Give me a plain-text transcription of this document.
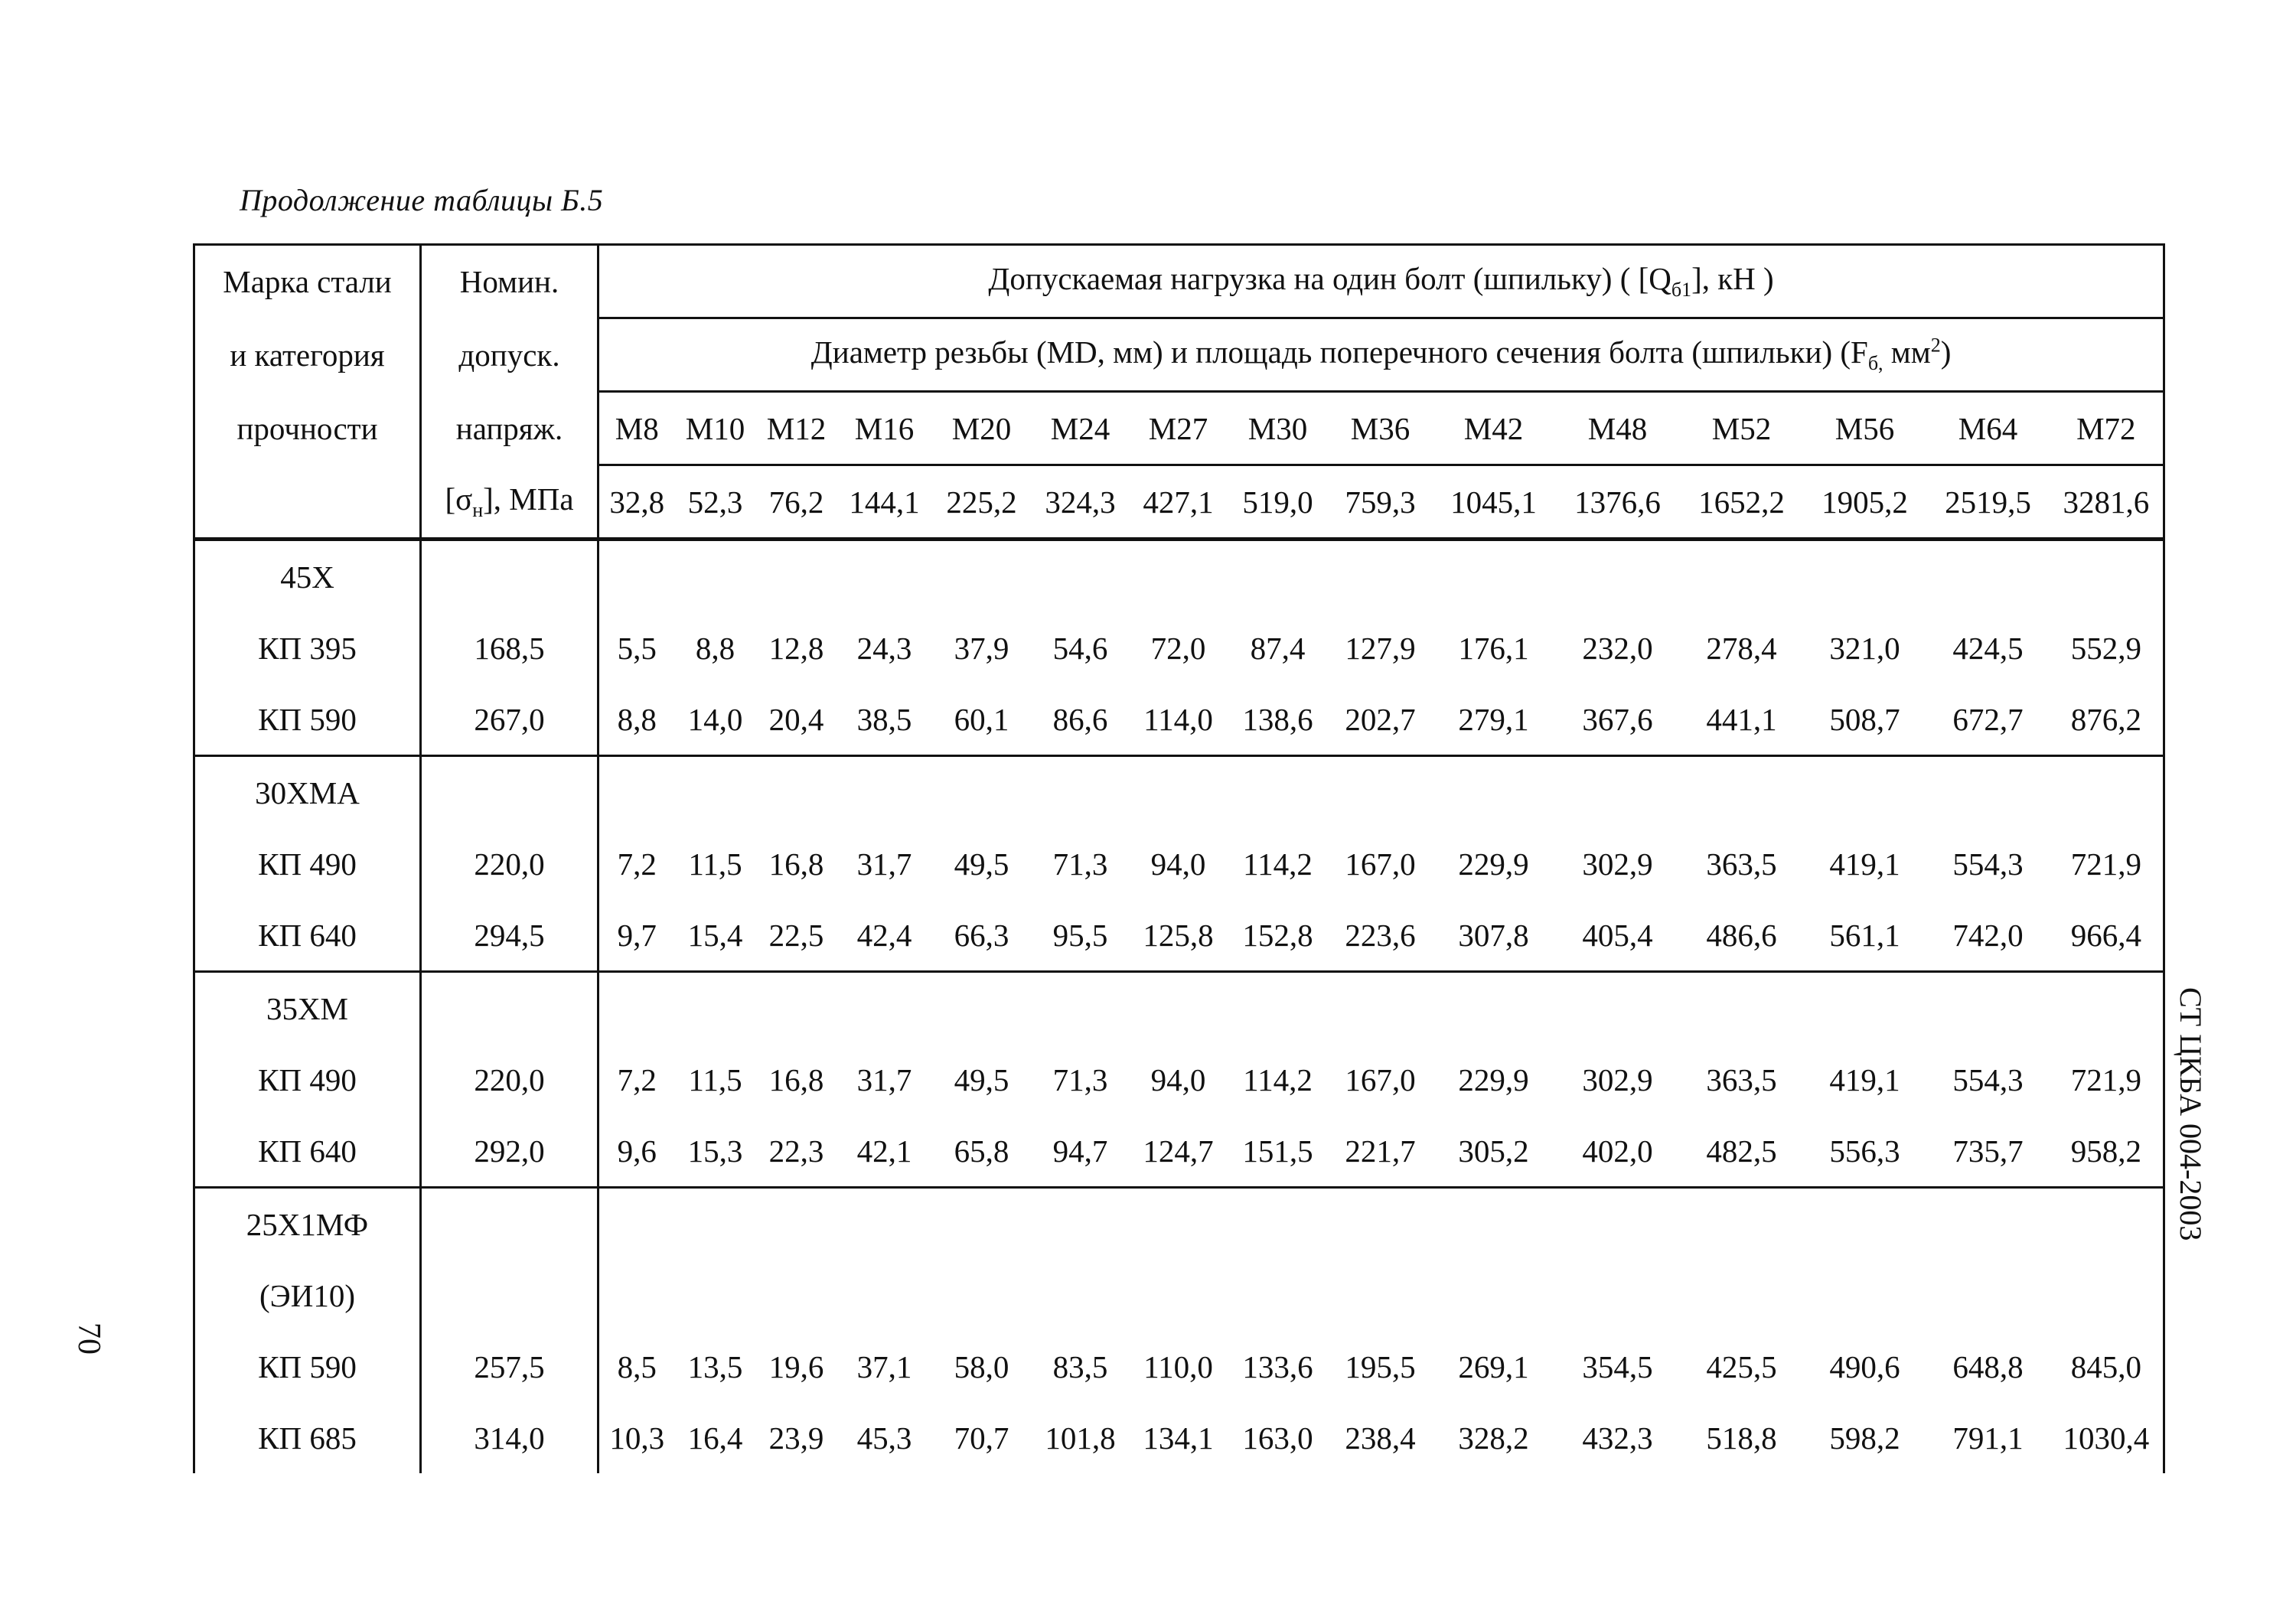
Продолжение таблицы Б.5
Марка стали	Номин.	Допускаемая нагрузка на один болт (шпильку) ( $[Q_{б1}]$, кН )														
и категория	допуск.	Диаметр резьбы (MD, мм) и площадь поперечного сечения болта (шпильки) ($F_{б,}$ $мм^2$)														
прочности	напряж.	M8	M10	M12	M16	M20	M24	M27	M30	M36	M42	M48	M52	M56	M64	M72
	$[\sigma_н]$, МПа	32,8	52,3	76,2	144,1	225,2	324,3	427,1	519,0	759,3	1045,1	1376,6	1652,2	1905,2	2519,5	3281,6
45Х																
КП 395	168,5	5,5	8,8	12,8	24,3	37,9	54,6	72,0	87,4	127,9	176,1	232,0	278,4	321,0	424,5	552,9
КП 590	267,0	8,8	14,0	20,4	38,5	60,1	86,6	114,0	138,6	202,7	279,1	367,6	441,1	508,7	672,7	876,2
30ХМА																
КП 490	220,0	7,2	11,5	16,8	31,7	49,5	71,3	94,0	114,2	167,0	229,9	302,9	363,5	419,1	554,3	721,9
КП 640	294,5	9,7	15,4	22,5	42,4	66,3	95,5	125,8	152,8	223,6	307,8	405,4	486,6	561,1	742,0	966,4
35ХМ																
КП 490	220,0	7,2	11,5	16,8	31,7	49,5	71,3	94,0	114,2	167,0	229,9	302,9	363,5	419,1	554,3	721,9
КП 640	292,0	9,6	15,3	22,3	42,1	65,8	94,7	124,7	151,5	221,7	305,2	402,0	482,5	556,3	735,7	958,2
25Х1МФ																
(ЭИ10)																
КП 590	257,5	8,5	13,5	19,6	37,1	58,0	83,5	110,0	133,6	195,5	269,1	354,5	425,5	490,6	648,8	845,0
КП 685	314,0	10,3	16,4	23,9	45,3	70,7	101,8	134,1	163,0	238,4	328,2	432,3	518,8	598,2	791,1	1030,4
СТ ЦКБА 004-2003
70
